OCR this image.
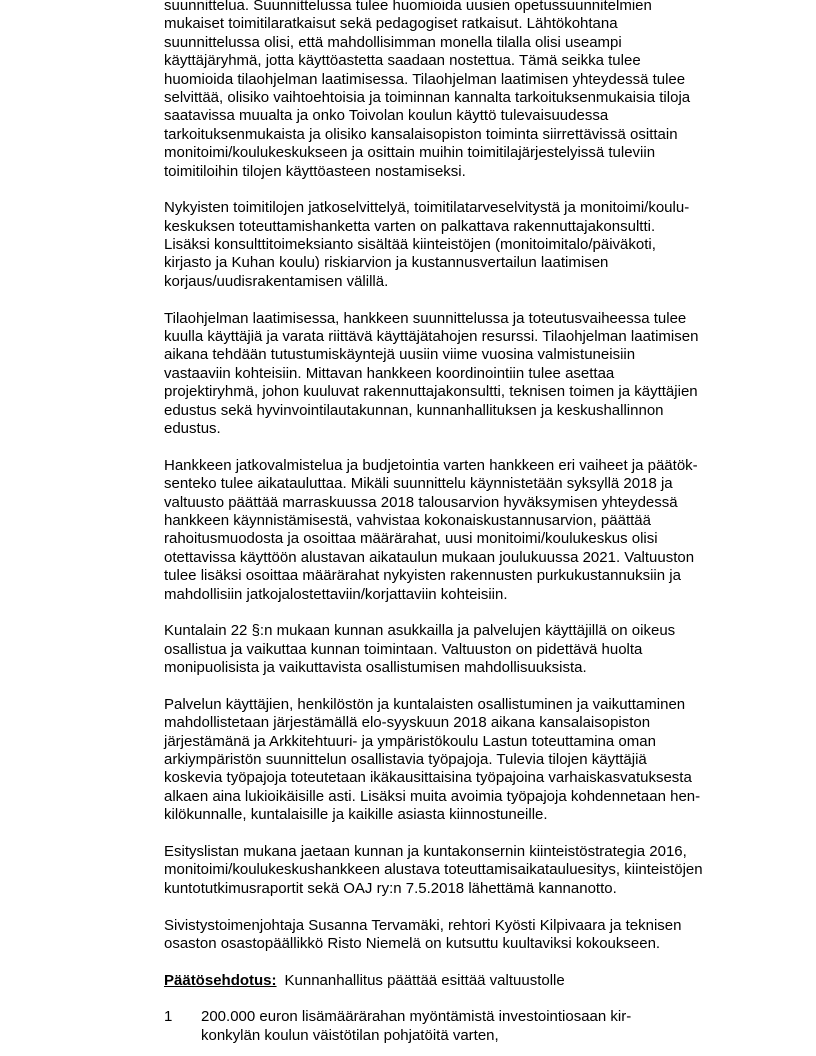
suunnittelua. Suunnittelussa tulee huomioida uusien opetussuunnitelmien
mukaiset toimitilaratkaisut sekä pedagogiset ratkaisut. Lähtökohtana
suunnittelussa olisi, että mahdollisimman monella tilalla olisi useampi
käyttäjäryhmä, jotta käyttöastetta saadaan nostettua. Tämä seikka tulee
huomioida tilaohjelman laatimisessa. Tilaohjelman laatimisen yhteydessä tulee
selvittää, olisiko vaihtoehtoisia ja toiminnan kannalta tarkoituksenmukaisia tiloja
saatavissa muualta ja onko Toivolan koulun käyttö tulevaisuudessa
tarkoituksenmukaista ja olisiko kansalaisopiston toiminta siirrettävissä osittain
monitoimi/koulukeskukseen ja osittain muihin toimitilajärjestelyissä tuleviin
toimitiloihin tilojen käyttöasteen nostamiseksi.
Nykyisten toimitilojen jatkoselvittelyä, toimitilatarveselvitystä ja monitoimi/koulu-
keskuksen toteuttamishanketta varten on palkattava rakennuttajakonsultti.
Lisäksi konsulttitoimeksianto sisältää kiinteistöjen (monitoimitalo/päiväkoti,
kirjasto ja Kuhan koulu) riskiarvion ja kustannusvertailun laatimisen
korjaus/uudisrakentamisen välillä.
Tilaohjelman laatimisessa, hankkeen suunnittelussa ja toteutusvaiheessa tulee
kuulla käyttäjiä ja varata riittävä käyttäjätahojen resurssi. Tilaohjelman laatimisen
aikana tehdään tutustumiskäyntejä uusiin viime vuosina valmistuneisiin
vastaaviin kohteisiin. Mittavan hankkeen koordinointiin tulee asettaa
projektiryhmä, johon kuuluvat rakennuttajakonsultti, teknisen toimen ja käyttäjien
edustus sekä hyvinvointilautakunnan, kunnanhallituksen ja keskushallinnon
edustus.
Hankkeen jatkovalmistelua ja budjetointia varten hankkeen eri vaiheet ja päätök-
senteko tulee aikatauluttaa. Mikäli suunnittelu käynnistetään syksyllä 2018 ja
valtuusto päättää marraskuussa 2018 talousarvion hyväksymisen yhteydessä
hankkeen käynnistämisestä, vahvistaa kokonaiskustannusarvion, päättää
rahoitusmuodosta ja osoittaa määrärahat, uusi monitoimi/koulukeskus olisi
otettavissa käyttöön alustavan aikataulun mukaan joulukuussa 2021. Valtuuston
tulee lisäksi osoittaa määrärahat nykyisten rakennusten purkukustannuksiin ja
mahdollisiin jatkojalostettaviin/korjattaviin kohteisiin.
Kuntalain 22 §:n mukaan kunnan asukkailla ja palvelujen käyttäjillä on oikeus
osallistua ja vaikuttaa kunnan toimintaan. Valtuuston on pidettävä huolta
monipuolisista ja vaikuttavista osallistumisen mahdollisuuksista.
Palvelun käyttäjien, henkilöstön ja kuntalaisten osallistuminen ja vaikuttaminen
mahdollistetaan järjestämällä elo-syyskuun 2018 aikana kansalaisopiston
järjestämänä ja Arkkitehtuuri- ja ympäristökoulu Lastun toteuttamina oman
arkiympäristön suunnittelun osallistavia työpajoja. Tulevia tilojen käyttäjiä
koskevia työpajoja toteutetaan ikäkausittaisina työpajoina varhaiskasvatuksesta
alkaen aina lukioikäisille asti. Lisäksi muita avoimia työpajoja kohdennetaan hen-
kilökunnalle, kuntalaisille ja kaikille asiasta kiinnostuneille.
Esityslistan mukana jaetaan kunnan ja kuntakonsernin kiinteistöstrategia 2016,
monitoimi/koulukeskushankkeen alustava toteuttamisaikatauluesitys, kiinteistöjen
kuntotutkimusraportit sekä OAJ ry:n 7.5.2018 lähettämä kannanotto.
Sivistystoimenjohtaja Susanna Tervamäki, rehtori Kyösti Kilpivaara ja teknisen
osaston osastopäällikkö Risto Niemelä on kutsuttu kuultaviksi kokoukseen.
Päätösehdotus: Kunnanhallitus päättää esittää valtuustolle
1	200.000 euron lisämäärärahan myöntämistä investointiosaan kir-
konkylän koulun väistötilan pohjatöitä varten,
